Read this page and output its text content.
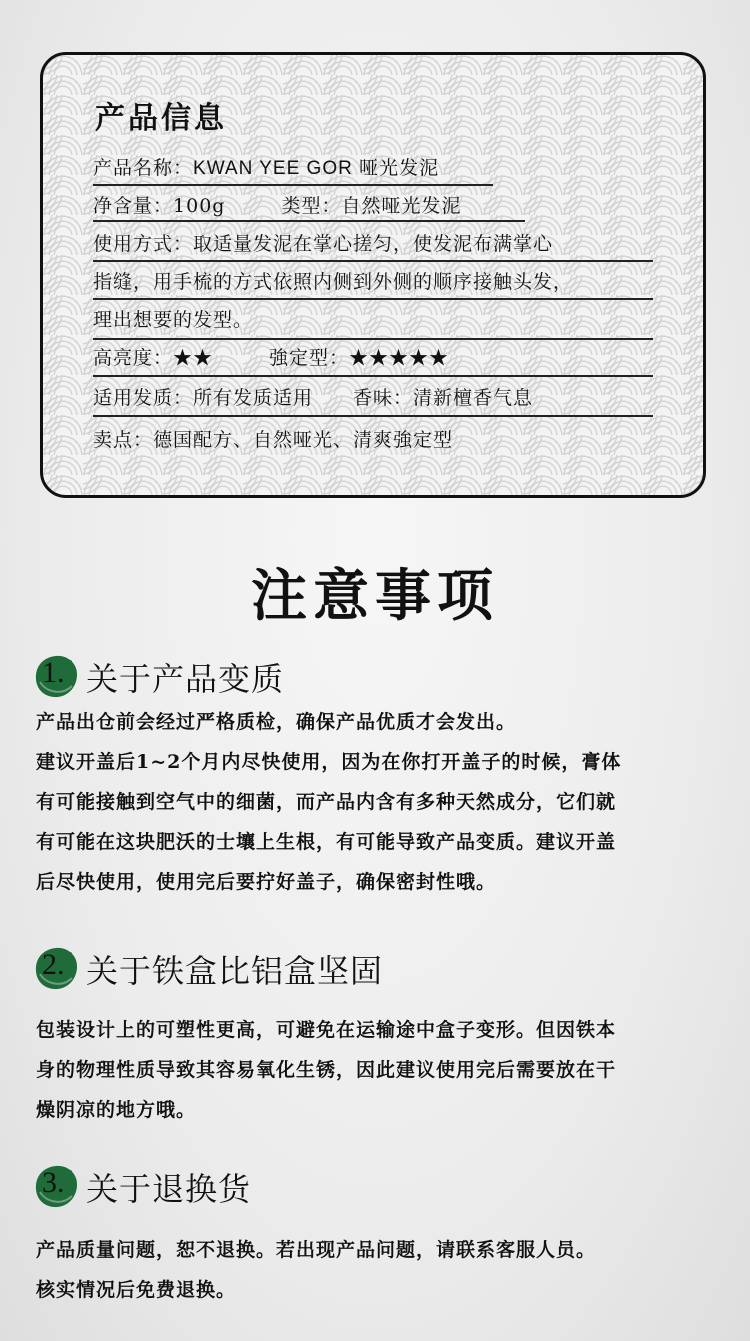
产品信息
产品名称：KWAN YEE GOR 哑光发泥
净含量：100g	类型：自然哑光发泥
使用方式：取适量发泥在掌心搓匀，使发泥布满掌心
指缝，用手梳的方式依照内侧到外侧的顺序接触头发，
理出想要的发型。
高亮度：★★	強定型：★★★★★
适用发质：所有发质适用 香味：清新檀香气息
卖点：德国配方、自然哑光、清爽強定型
注意事项
1. 关于产品变质
产品出仓前会经过严格质检，确保产品优质才会发出。
建议开盖后1~2个月内尽快使用，因为在你打开盖子的时候，膏体
有可能接触到空气中的细菌，而产品内含有多种天然成分，它们就
有可能在这块肥沃的士壤上生根，有可能导致产品变质。建议开盖
后尽快使用，使用完后要拧好盖子，确保密封性哦。
2. 关于铁盒比铝盒坚固
包装设计上的可塑性更高，可避免在运输途中盒子变形。但因铁本
身的物理性质导致其容易氧化生锈，因此建议使用完后需要放在干
燥阴凉的地方哦。
3. 关于退换货
产品质量问题，恕不退换。若出现产品问题，请联系客服人员。
核实情况后免费退换。
